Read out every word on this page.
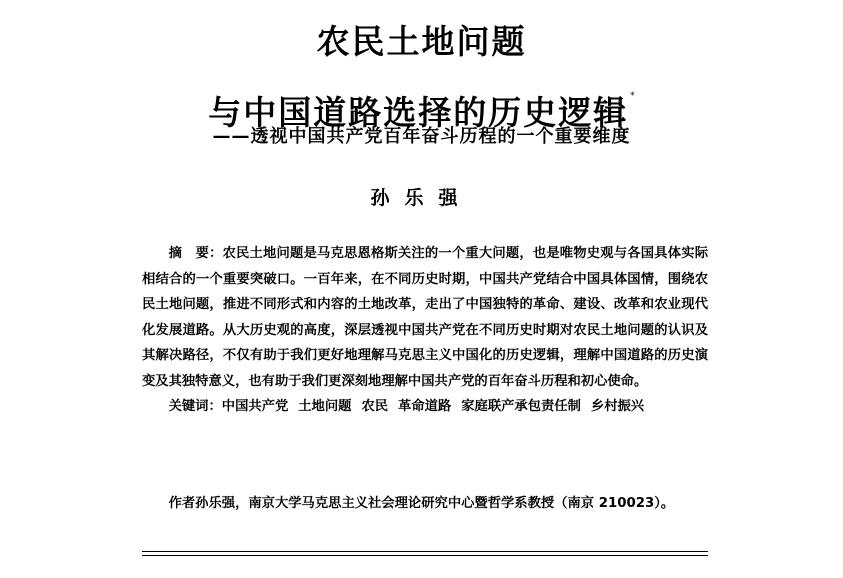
农民土地问题
与中国道路选择的历史逻辑 *
——透视中国共产党百年奋斗历程的一个重要维度
孙乐强

摘　要：农民土地问题是马克思恩格斯关注的一个重大问题，也是唯物史观与各国具体实际相结合的一个重要突破口。一百年来，在不同历史时期，中国共产党结合中国具体国情，围绕农民土地问题，推进不同形式和内容的土地改革，走出了中国独特的革命、建设、改革和农业现代化发展道路。从大历史观的高度，深层透视中国共产党在不同历史时期对农民土地问题的认识及其解决路径，不仅有助于我们更好地理解马克思主义中国化的历史逻辑，理解中国道路的历史演变及其独特意义，也有助于我们更深刻地理解中国共产党的百年奋斗历程和初心使命。

关键词：中国共产党 土地问题 农民 革命道路 家庭联产承包责任制 乡村振兴

作者孙乐强，南京大学马克思主义社会理论研究中心暨哲学系教授（南京 210023）。
